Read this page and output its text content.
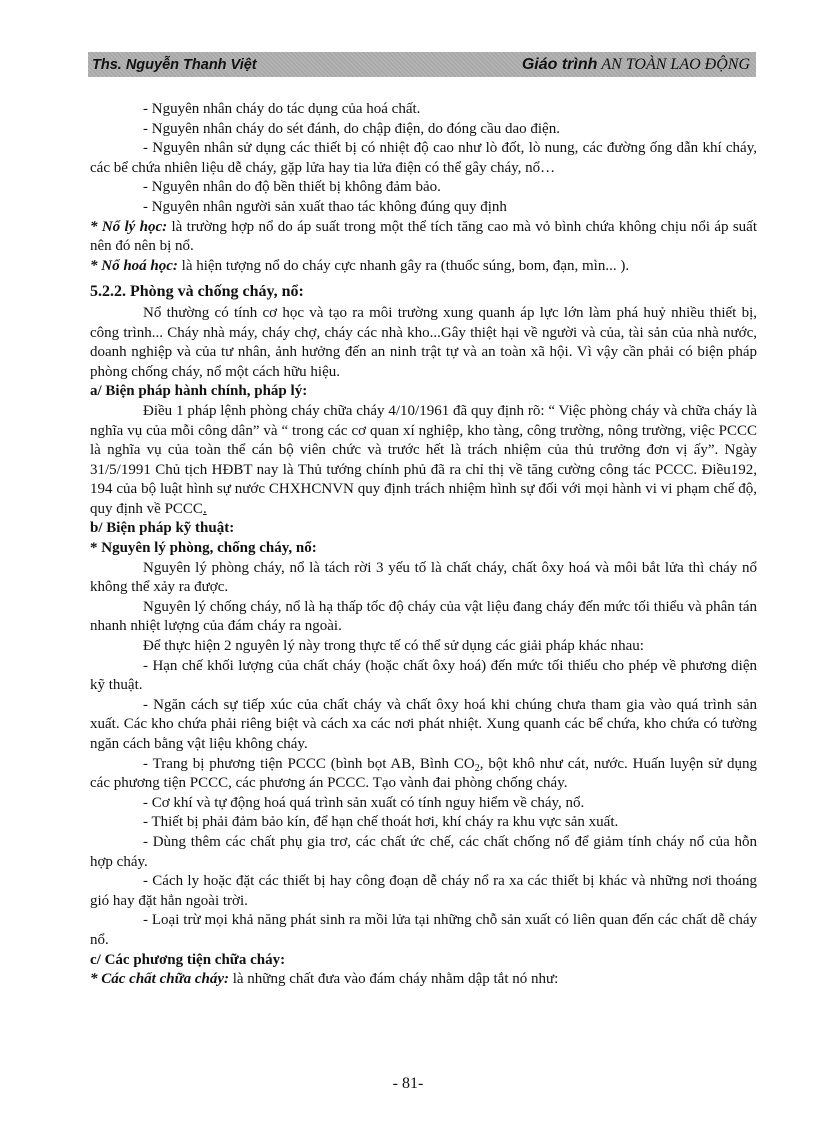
Ths. Nguyễn Thanh Việt	Giáo trình AN TOÀN LAO ĐỘNG

- Nguyên nhân cháy do tác dụng của hoá chất.

- Nguyên nhân cháy do sét đánh, do chập điện, do đóng cầu dao điện.

- Nguyên nhân sử dụng các thiết bị có nhiệt độ cao như lò đốt, lò nung, các đường ống dẫn khí cháy, các bể chứa nhiên liệu dễ cháy, gặp lửa hay tia lửa điện có thể gây cháy, nổ…

- Nguyên nhân do độ bền thiết bị không đảm bảo.

- Nguyên nhân người sản xuất thao tác không đúng quy định

* Nổ lý học: là trường hợp nổ do áp suất trong một thể tích tăng cao mà vỏ bình chứa không chịu nổi áp suất nên đó nên bị nổ.

* Nổ hoá học: là hiện tượng nổ do cháy cực nhanh gây ra (thuốc súng, bom, đạn, mìn... ).

5.2.2. Phòng và chống cháy, nổ:

Nổ thường có tính cơ học và tạo ra môi trường xung quanh áp lực lớn làm phá huỷ nhiều thiết bị, công trình... Cháy nhà máy, cháy chợ, cháy các nhà kho...Gây thiệt hại về người và của, tài sản của nhà nước, doanh nghiệp và của tư nhân, ảnh hưởng đến an ninh trật tự và an toàn xã hội. Vì vậy cần phải có biện pháp phòng chống cháy, nổ một cách hữu hiệu.

a/ Biện pháp hành chính, pháp lý:

Điều 1 pháp lệnh phòng cháy chữa cháy 4/10/1961 đã quy định rõ: “ Việc phòng cháy và chữa cháy là nghĩa vụ của mỗi công dân” và “ trong các cơ quan xí nghiệp, kho tàng, công trường, nông trường, việc PCCC là nghĩa vụ của toàn thể cán bộ viên chức và trước hết là trách nhiệm của thủ trưởng đơn vị ấy”. Ngày 31/5/1991 Chủ tịch HĐBT nay là Thủ tướng chính phủ đã ra chỉ thị về tăng cường công tác PCCC. Điều192, 194 của bộ luật hình sự nước CHXHCNVN quy định trách nhiệm hình sự đối với mọi hành vi vi phạm chế độ, quy định về PCCC.

b/ Biện pháp kỹ thuật:

* Nguyên lý phòng, chống cháy, nổ:

Nguyên lý phòng cháy, nổ là tách rời 3 yếu tố là chất cháy, chất ôxy hoá và môi bắt lửa thì cháy nổ không thể xảy ra được.

Nguyên lý chống cháy, nổ là hạ thấp tốc độ cháy của vật liệu đang cháy đến mức tối thiểu và phân tán nhanh nhiệt lượng của đám cháy ra ngoài.

Để thực hiện 2 nguyên lý này trong thực tế có thể sử dụng các giải pháp khác nhau:

- Hạn chế khối lượng của chất cháy (hoặc chất ôxy hoá) đến mức tối thiểu cho phép về phương diện kỹ thuật.

- Ngăn cách sự tiếp xúc của chất cháy và chất ôxy hoá khi chúng chưa tham gia vào quá trình sản xuất. Các kho chứa phải riêng biệt và cách xa các nơi phát nhiệt. Xung quanh các bể chứa, kho chứa có tường ngăn cách bằng vật liệu không cháy.

- Trang bị phương tiện PCCC (bình bọt AB, Bình $CO_2$, bột khô như cát, nước. Huấn luyện sử dụng các phương tiện PCCC, các phương án PCCC. Tạo vành đai phòng chống cháy.

- Cơ khí và tự động hoá quá trình sản xuất có tính nguy hiểm về cháy, nổ.

- Thiết bị phải đảm bảo kín, để hạn chế thoát hơi, khí cháy ra khu vực sản xuất.

- Dùng thêm các chất phụ gia trơ, các chất ức chế, các chất chống nổ để giảm tính cháy nổ của hỗn hợp cháy.

- Cách ly hoặc đặt các thiết bị hay công đoạn dễ cháy nổ ra xa các thiết bị khác và những nơi thoáng gió hay đặt hẳn ngoài trời.

- Loại trừ mọi khả năng phát sinh ra mồi lửa tại những chỗ sản xuất có liên quan đến các chất dễ cháy nổ.

c/ Các phương tiện chữa cháy:

* Các chất chữa cháy: là những chất đưa vào đám cháy nhằm dập tắt nó như:

- 81-
